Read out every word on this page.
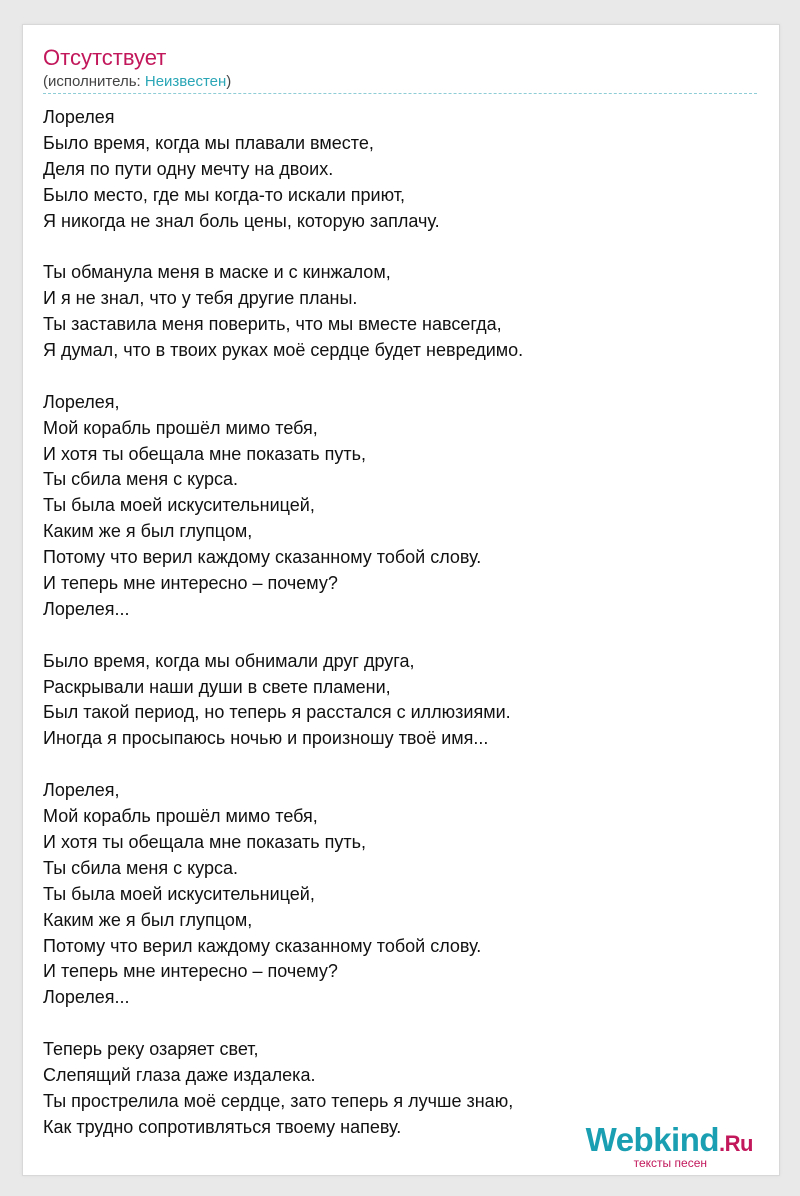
Отсутствует
(исполнитель: Неизвестен)
Лорелея
Было время, когда мы плавали вместе,
Деля по пути одну мечту на двоих.
Было место, где мы когда-то искали приют,
Я никогда не знал боль цены, которую заплачу.
Ты обманула меня в маске и с кинжалом,
И я не знал, что у тебя другие планы.
Ты заставила меня поверить, что мы вместе навсегда,
Я думал, что в твоих руках моё сердце будет невредимо.
Лорелея,
Мой корабль прошёл мимо тебя,
И хотя ты обещала мне показать путь,
Ты сбила меня с курса.
Ты была моей искусительницей,
Каким же я был глупцом,
Потому что верил каждому сказанному тобой слову.
И теперь мне интересно – почему?
Лорелея...
Было время, когда мы обнимали друг друга,
Раскрывали наши души в свете пламени,
Был такой период, но теперь я расстался с иллюзиями.
Иногда я просыпаюсь ночью и произношу твоё имя...
Лорелея,
Мой корабль прошёл мимо тебя,
И хотя ты обещала мне показать путь,
Ты сбила меня с курса.
Ты была моей искусительницей,
Каким же я был глупцом,
Потому что верил каждому сказанному тобой слову.
И теперь мне интересно – почему?
Лорелея...
Теперь реку озаряет свет,
Слепящий глаза даже издалека.
Ты прострелила моё сердце, зато теперь я лучше знаю,
Как трудно сопротивляться твоему напеву.	Webkind.Ru
тексты песен
